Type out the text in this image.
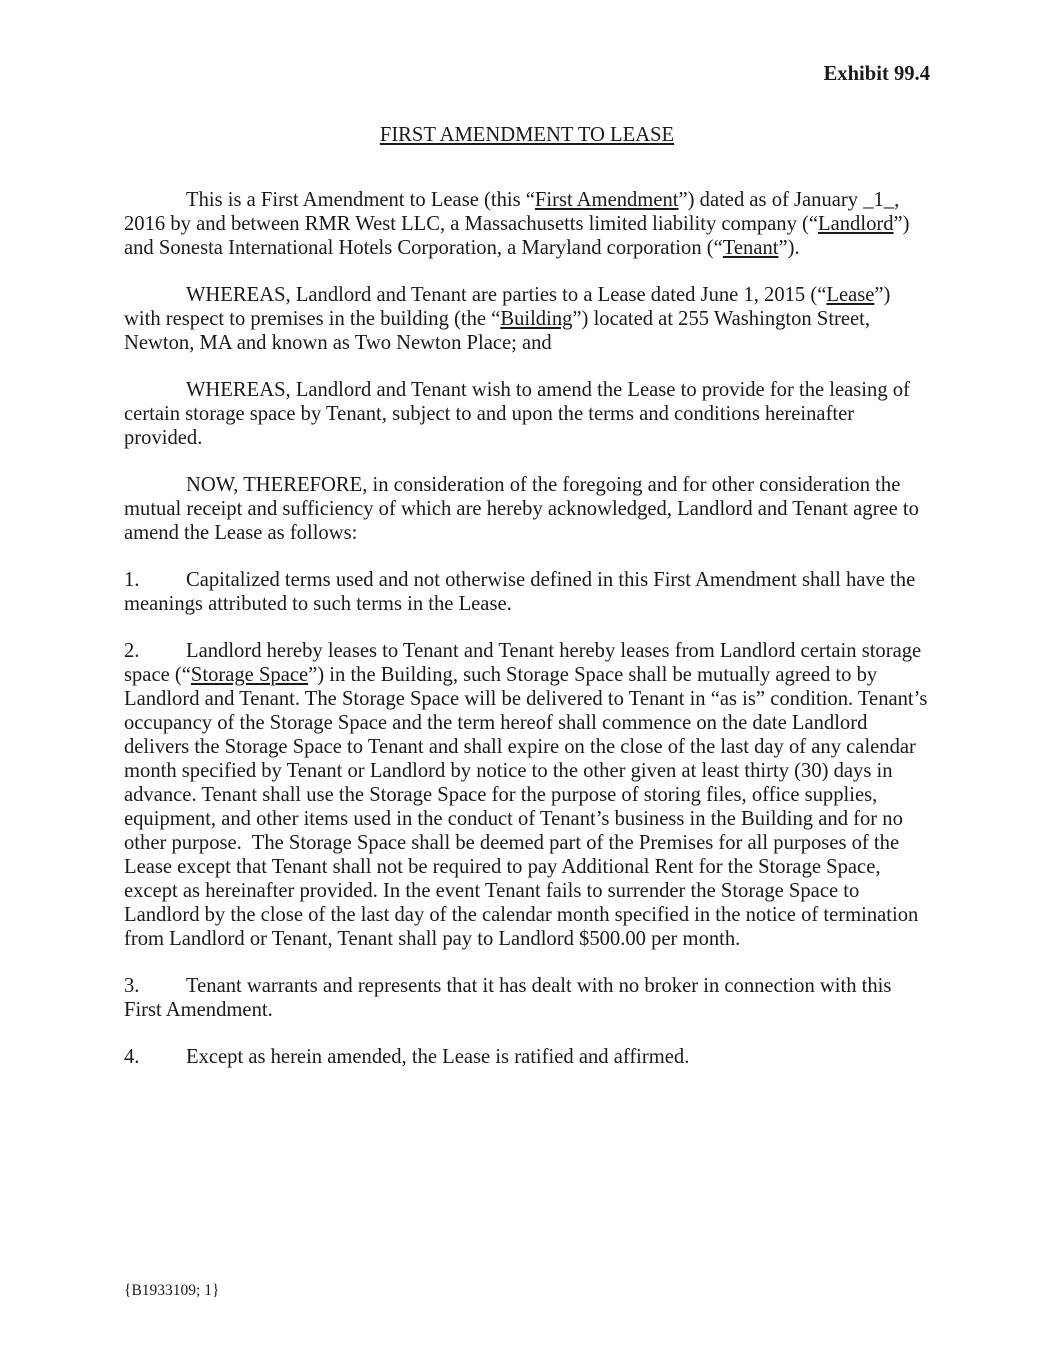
Exhibit 99.4
FIRST AMENDMENT TO LEASE

This is a First Amendment to Lease (this “First Amendment”) dated as of January _1_, 2016 by and between RMR West LLC, a Massachusetts limited liability company (“Landlord”) and Sonesta International Hotels Corporation, a Maryland corporation (“Tenant”).

WHEREAS, Landlord and Tenant are parties to a Lease dated June 1, 2015 (“Lease”) with respect to premises in the building (the “Building”) located at 255 Washington Street, Newton, MA and known as Two Newton Place; and

WHEREAS, Landlord and Tenant wish to amend the Lease to provide for the leasing of certain storage space by Tenant, subject to and upon the terms and conditions hereinafter provided.

NOW, THEREFORE, in consideration of the foregoing and for other consideration the mutual receipt and sufficiency of which are hereby acknowledged, Landlord and Tenant agree to amend the Lease as follows:

1. Capitalized terms used and not otherwise defined in this First Amendment shall have the meanings attributed to such terms in the Lease.

2. Landlord hereby leases to Tenant and Tenant hereby leases from Landlord certain storage space (“Storage Space”) in the Building, such Storage Space shall be mutually agreed to by Landlord and Tenant. The Storage Space will be delivered to Tenant in “as is” condition. Tenant’s occupancy of the Storage Space and the term hereof shall commence on the date Landlord delivers the Storage Space to Tenant and shall expire on the close of the last day of any calendar month specified by Tenant or Landlord by notice to the other given at least thirty (30) days in advance. Tenant shall use the Storage Space for the purpose of storing files, office supplies, equipment, and other items used in the conduct of Tenant’s business in the Building and for no other purpose.  The Storage Space shall be deemed part of the Premises for all purposes of the Lease except that Tenant shall not be required to pay Additional Rent for the Storage Space, except as hereinafter provided. In the event Tenant fails to surrender the Storage Space to Landlord by the close of the last day of the calendar month specified in the notice of termination from Landlord or Tenant, Tenant shall pay to Landlord $500.00 per month.

3. Tenant warrants and represents that it has dealt with no broker in connection with this First Amendment.

4. Except as herein amended, the Lease is ratified and affirmed.

{B1933109; 1}
